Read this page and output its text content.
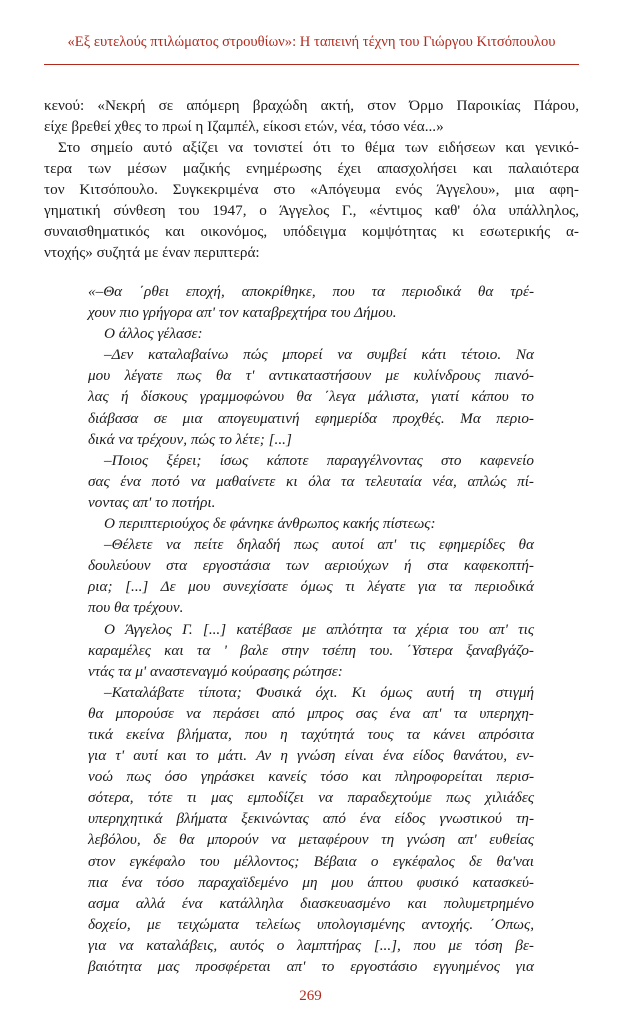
«Εξ ευτελούς πτιλώματος στρουθίων»: Η ταπεινή τέχνη του Γιώργου Κιτσόπουλου

κενού: «Νεκρή σε απόμερη βραχώδη ακτή, στον Όρμο Παροικίας Πάρου,

είχε βρεθεί χθες το πρωί η Ιζαμπέλ, είκοσι ετών, νέα, τόσο νέα...»

Στο σημείο αυτό αξίζει να τονιστεί ότι το θέμα των ειδήσεων και γενικό-

τερα των μέσων μαζικής ενημέρωσης έχει απασχολήσει και παλαιότερα

τον Κιτσόπουλο. Συγκεκριμένα στο «Απόγευμα ενός Άγγελου», μια αφη-

γηματική σύνθεση του 1947, ο Άγγελος Γ., «έντιμος καθ' όλα υπάλληλος,

συναισθηματικός και οικονόμος, υπόδειγμα κομψότητας κι εσωτερικής α-

ντοχής» συζητά με έναν περιπτερά:

«–Θα ΄ρθει εποχή, αποκρίθηκε, που τα περιοδικά θα τρέ-

χουν πιο γρήγορα απ' τον καταβρεχτήρα του Δήμου.

Ο άλλος γέλασε:

–Δεν καταλαβαίνω πώς μπορεί να συμβεί κάτι τέτοιο. Να

μου λέγατε πως θα τ' αντικαταστήσουν με κυλίνδρους πιανό-

λας ή δίσκους γραμμοφώνου θα ΄λεγα μάλιστα, γιατί κάπου το

διάβασα σε μια απογευματινή εφημερίδα προχθές. Μα περιο-

δικά να τρέχουν, πώς το λέτε; [...]

–Ποιος ξέρει; ίσως κάποτε παραγγέλνοντας στο καφενείο

σας ένα ποτό να μαθαίνετε κι όλα τα τελευταία νέα, απλώς πί-

νοντας απ' το ποτήρι.

Ο περιπτεριούχος δε φάνηκε άνθρωπος κακής πίστεως:

–Θέλετε να πείτε δηλαδή πως αυτοί απ' τις εφημερίδες θα

δουλεύουν στα εργοστάσια των αεριούχων ή στα καφεκοπτή-

ρια; [...] Δε μου συνεχίσατε όμως τι λέγατε για τα περιοδικά

που θα τρέχουν.

Ο Άγγελος Γ. [...] κατέβασε με απλότητα τα χέρια του απ' τις

καραμέλες και τα ' βαλε στην τσέπη του. ΄Υστερα ξαναβγάζο-

ντάς τα μ' αναστεναγμό κούρασης ρώτησε:

–Καταλάβατε τίποτα; Φυσικά όχι. Κι όμως αυτή τη στιγμή

θα μπορούσε να περάσει από μπρος σας ένα απ' τα υπερηχη-

τικά εκείνα βλήματα, που η ταχύτητά τους τα κάνει απρόσιτα

για τ' αυτί και το μάτι. Αν η γνώση είναι ένα είδος θανάτου, εν-

νοώ πως όσο γηράσκει κανείς τόσο και πληροφορείται περισ-

σότερα, τότε τι μας εμποδίζει να παραδεχτούμε πως χιλιάδες

υπερηχητικά βλήματα ξεκινώντας από ένα είδος γνωστικού τη-

λεβόλου, δε θα μπορούν να μεταφέρουν τη γνώση απ' ευθείας

στον εγκέφαλο του μέλλοντος; Βέβαια ο εγκέφαλος δε θα'ναι

πια ένα τόσο παραχαϊδεμένο μη μου άπτου φυσικό κατασκεύ-

ασμα αλλά ένα κατάλληλα διασκευασμένο και πολυμετρημένο

δοχείο, με τειχώματα τελείως υπολογισμένης αντοχής. ΄Οπως,

για να καταλάβεις, αυτός ο λαμπτήρας [...], που με τόση βε-

βαιότητα μας προσφέρεται απ' το εργοστάσιο εγγυημένος για

269
